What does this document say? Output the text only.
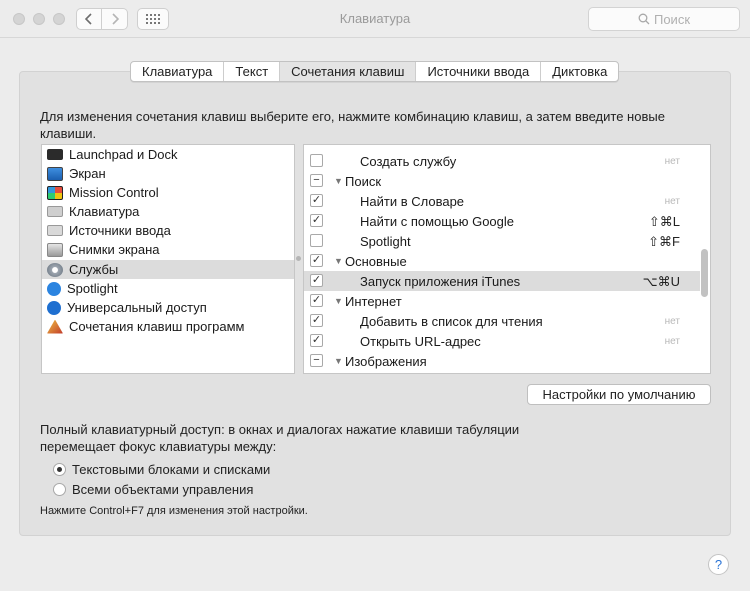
Клавиатура	Поиск
Клавиатура	Текст	Сочетания клавиш	Источники ввода	Диктовка
Для изменения сочетания клавиш выберите его, нажмите комбинацию клавиш, а затем введите новые клавиши.
Launchpad и Dock
Экран
Mission Control
Клавиатура
Источники ввода
Снимки экрана
Службы
Spotlight
Универсальный доступ
Сочетания клавиш программ
Создать службу	нет
−	▼ Поиск
✓	Найти в Словаре	нет
✓	Найти с помощью Google	⇧⌘L
Spotlight	⇧⌘F
✓ ▼ Основные
✓	Запуск приложения iTunes	⌥⌘U
✓ ▼ Интернет
✓	Добавить в список для чтения	нет
✓	Открыть URL-адрес	нет
−	▼ Изображения
Настройки по умолчанию
Полный клавиатурный доступ: в окнах и диалогах нажатие клавиши табуляции перемещает фокус клавиатуры между:
Текстовыми блоками и списками
Всеми объектами управления
Нажмите Control+F7 для изменения этой настройки.
?
